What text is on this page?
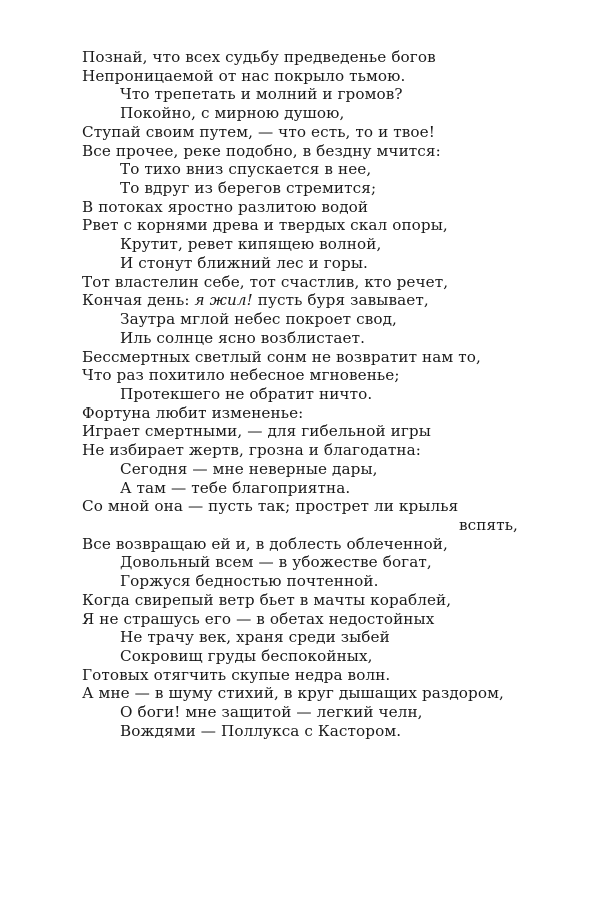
Познай, что всех судьбу предведенье богов
Непроницаемой от нас покрыло тьмою.
Что трепетать и молний и громов?
Покойно, с мирною душою,
Ступай своим путем, — что есть, то и твое!
Все прочее, реке подобно, в бездну мчится:
То тихо вниз спускается в нее,
То вдруг из берегов стремится;
В потоках яростно разлитою водой
Рвет с корнями древа и твердых скал опоры,
Крутит, ревет кипящею волной,
И стонут ближний лес и горы.
Тот властелин себе, тот счастлив, кто речет,
Кончая день: я жил! пусть буря завывает,
Заутра мглой небес покроет свод,
Иль солнце ясно возблистает.
Бессмертных светлый сонм не возвратит нам то,
Что раз похитило небесное мгновенье;
Протекшего не обратит ничто.
Фортуна любит измененье:
Играет смертными, — для гибельной игры
Не избирает жертв, грозна и благодатна:
Сегодня — мне неверные дары,
А там — тебе благоприятна.
Со мной она — пусть так; прострет ли крылья
вспять,
Все возвращаю ей и, в доблесть облеченной,
Довольный всем — в убожестве богат,
Горжуся бедностью почтенной.
Когда свирепый ветр бьет в мачты кораблей,
Я не страшусь его — в обетах недостойных
Не трачу век, храня среди зыбей
Сокровищ груды беспокойных,
Готовых отягчить скупые недра волн.
А мне — в шуму стихий, в круг дышащих раздором,
О боги! мне защитой — легкий челн,
Вождями — Поллукса с Кастором.
